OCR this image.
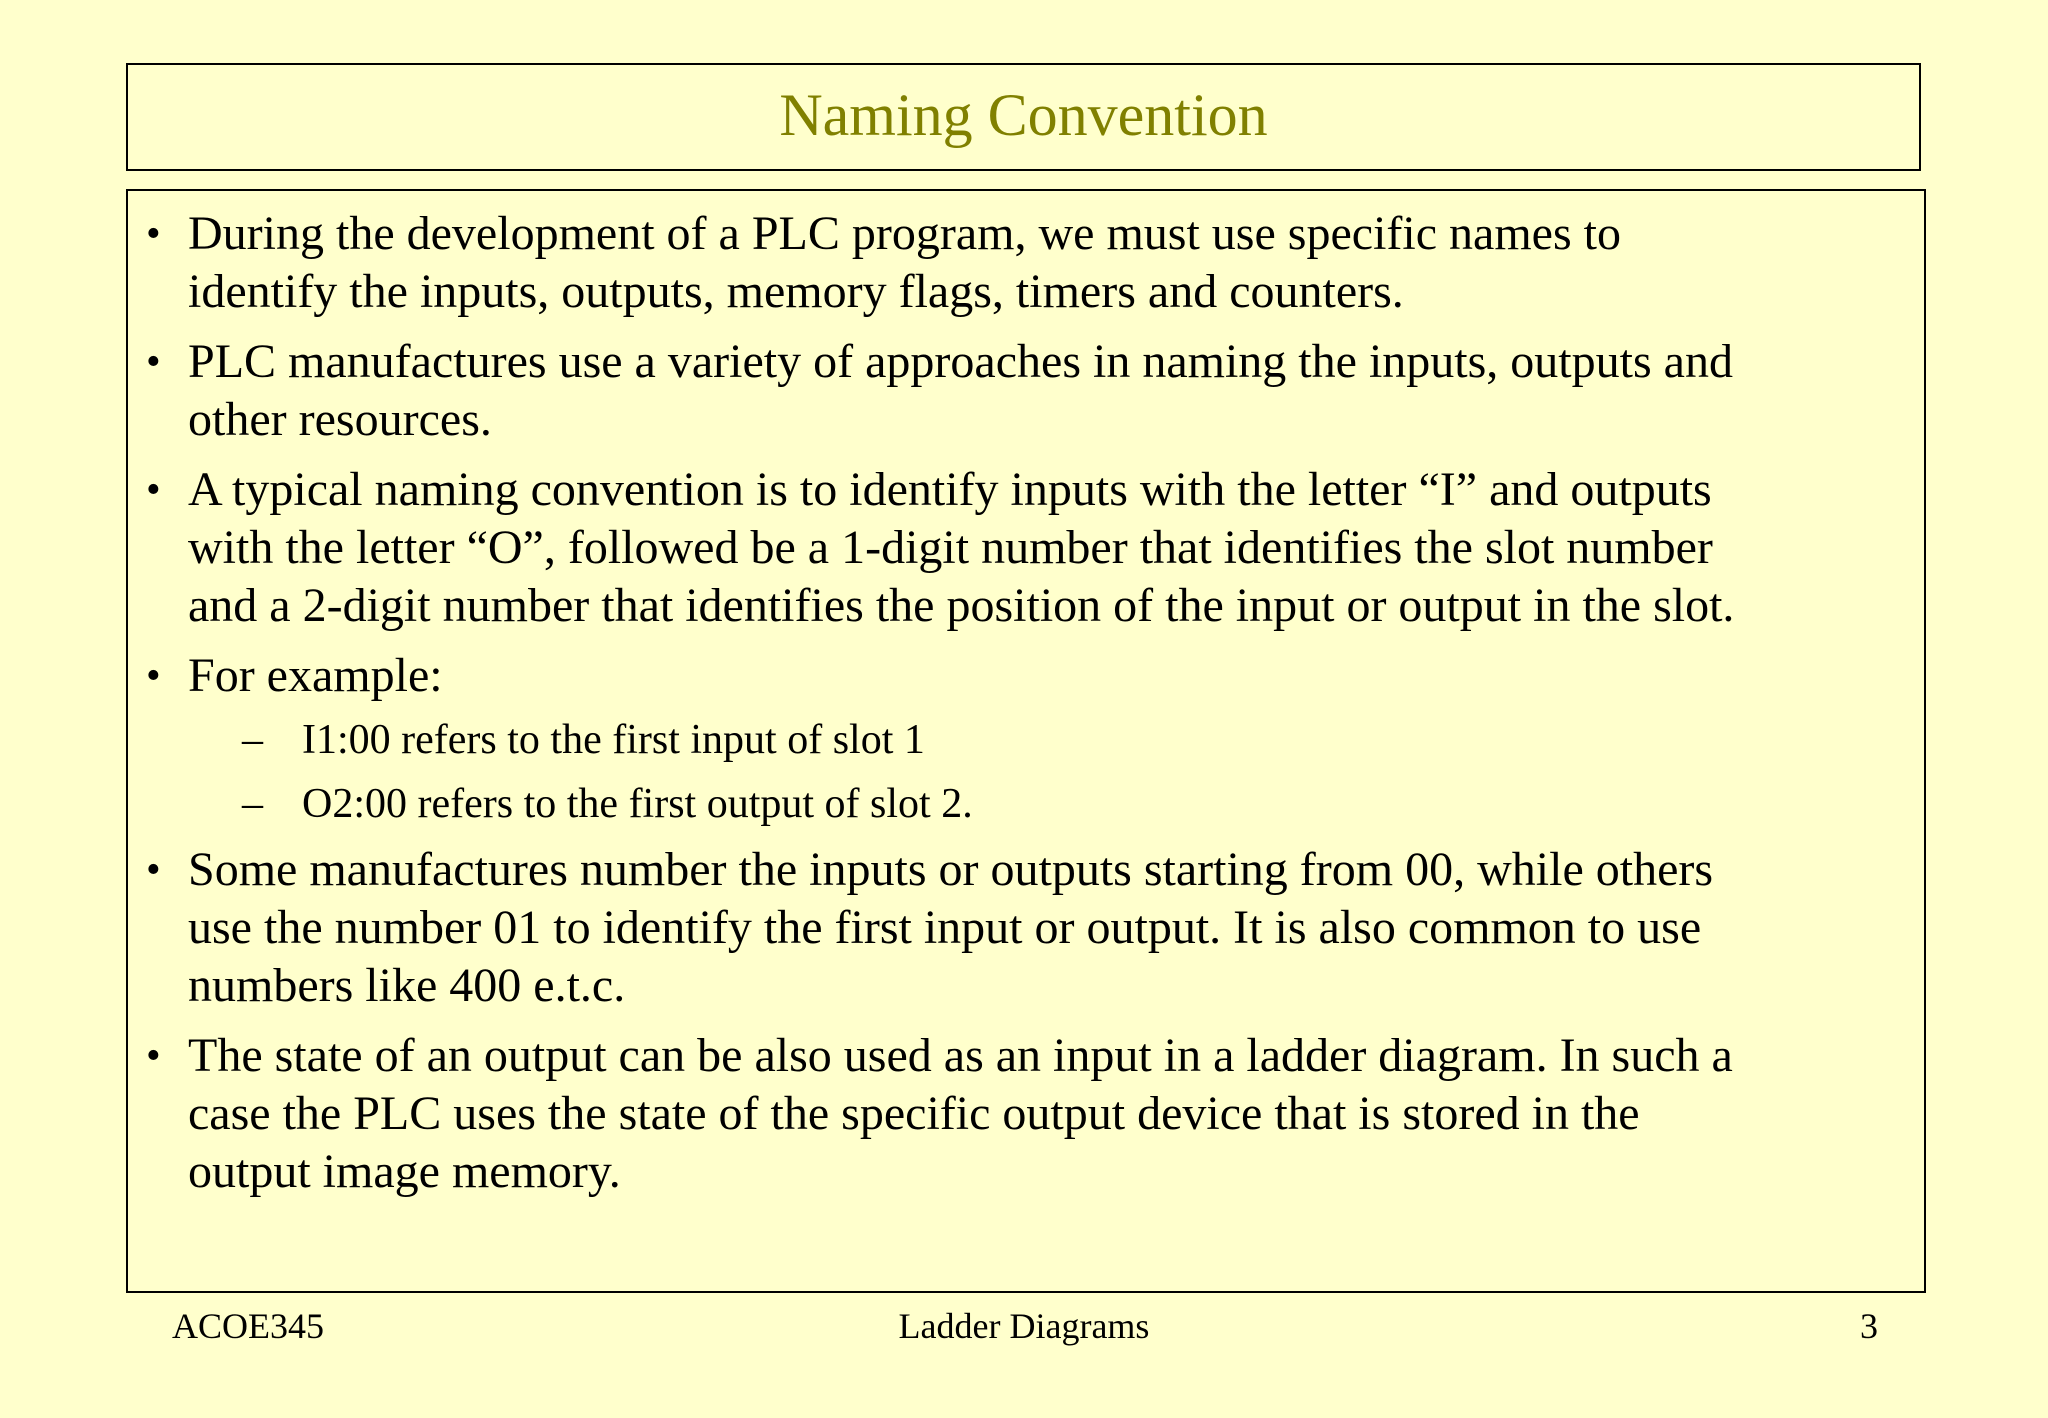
Naming Convention
• During the development of a PLC program, we must use specific names to
identify the inputs, outputs, memory flags, timers and counters.
• PLC manufactures use a variety of approaches in naming the inputs, outputs and
other resources.
• A typical naming convention is to identify inputs with the letter “I” and outputs
with the letter “O”, followed be a 1-digit number that identifies the slot number
and a 2-digit number that identifies the position of the input or output in the slot.
• For example:
– I1:00 refers to the first input of slot 1
– O2:00 refers to the first output of slot 2.
• Some manufactures number the inputs or outputs starting from 00, while others
use the number 01 to identify the first input or output. It is also common to use
numbers like 400 e.t.c.
• The state of an output can be also used as an input in a ladder diagram. In such a
case the PLC uses the state of the specific output device that is stored in the
output image memory.
ACOE345	Ladder Diagrams	3
